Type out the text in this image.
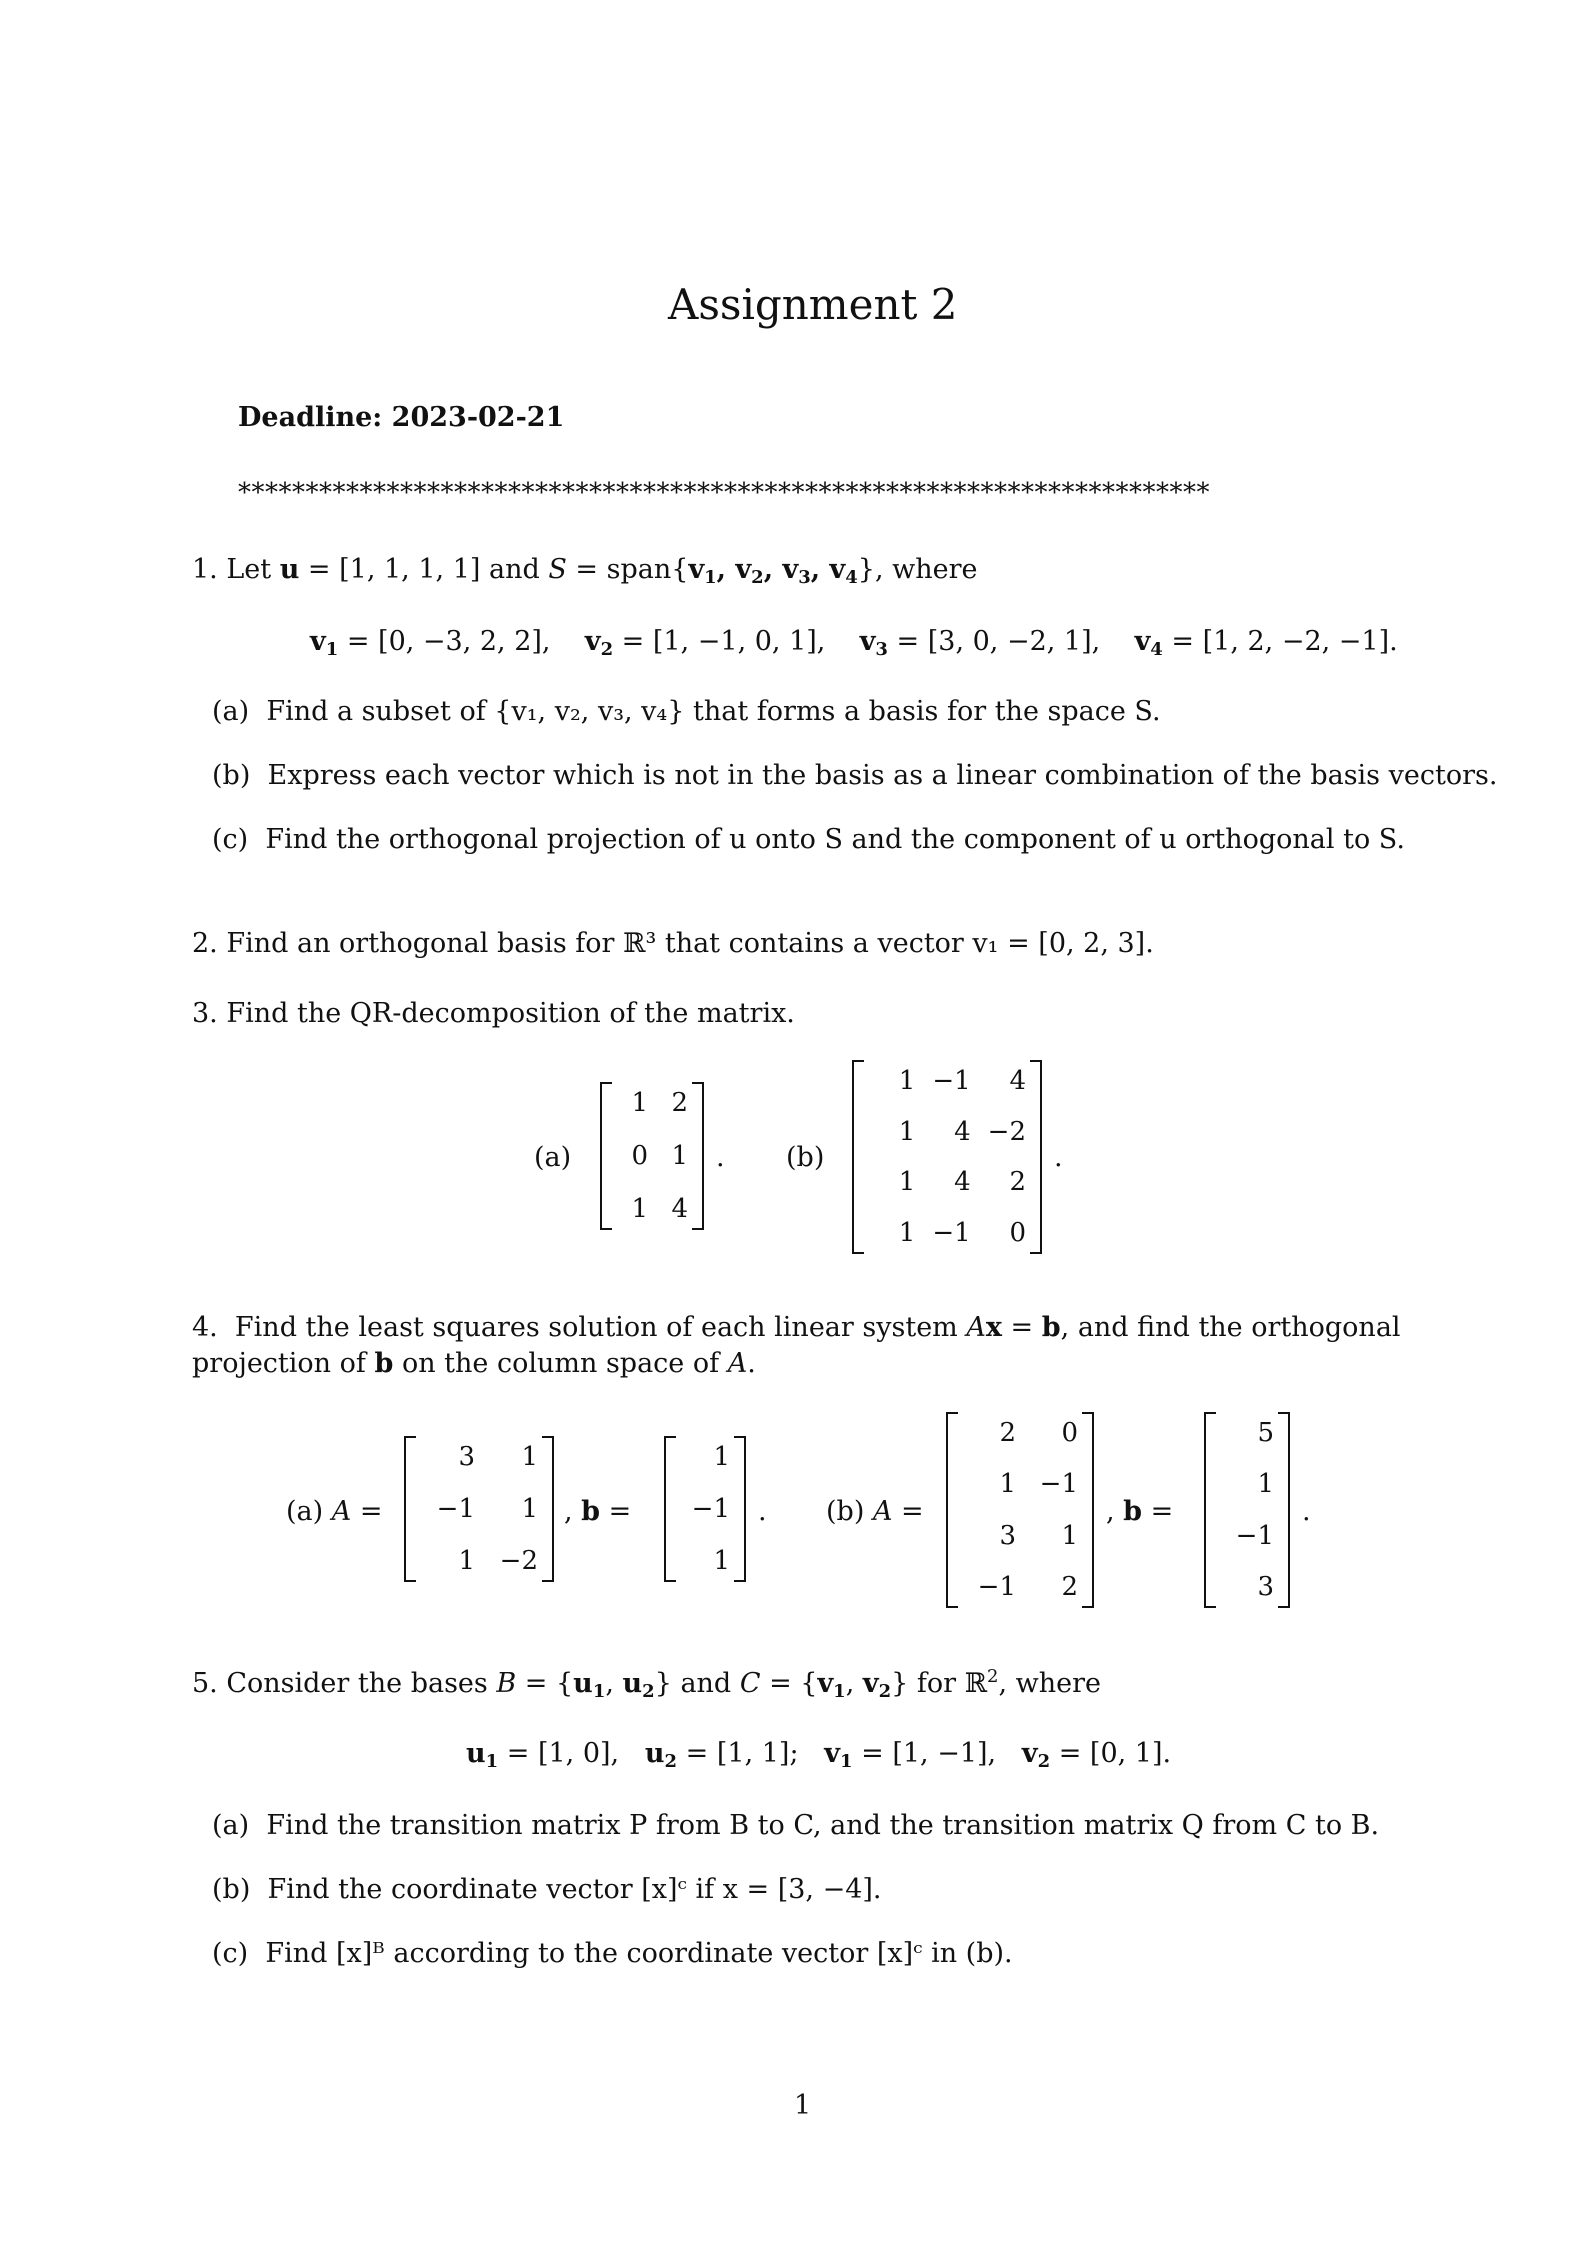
Assignment 2
Deadline: 2023-02-21
************************************************************************
1. Let u = [1, 1, 1, 1] and $S = span\{v_1$, $v_2$, $v_3$, $v_4$}, where
$v_1 = [0$, −3, 2, 2], $v_2 = [1$, −1, 0, 1], $v_3 = [3$, 0, −2, 1], $v_4 = [1$, 2, −2, −1].
(a) Find a subset of {v₁, v₂, v₃, v₄} that forms a basis for the space S.
(b) Express each vector which is not in the basis as a linear combination of the basis vectors.
(c) Find the orthogonal projection of u onto S and the component of u orthogonal to S.
2. Find an orthogonal basis for ℝ³ that contains a vector v₁ = [0, 2, 3].
3. Find the QR-decomposition of the matrix.
(a)
1 2
0 1
1 4
. (b)
1 −1	4
1	4 −2
1	4	2
1 −1	0
.
4.  Find the least squares solution of each linear system Ax = b, and find the orthogonal
projection of b on the column space of A.
(a) A =
3	1
−1	1
1 −2
, b =
1
−1
1
. (b) A =
2	0
1 −1
3	1
−1	2
, b =
5
1
−1
3
.
5. Consider the bases $B = \{u_1$, $u_2$} and $C = \{v_1$, $v_2$} for ℝ$^2$, where
$u_1 = [1$, 0], $u_2 = [1$, 1]; $v_1 = [1$, −1], $v_2 = [0$, 1].
(a) Find the transition matrix P from B to C, and the transition matrix Q from C to B.
(b) Find the coordinate vector [x]ᶜ if x = [3, −4].
(c) Find [x]ᴮ according to the coordinate vector [x]ᶜ in (b).
1
